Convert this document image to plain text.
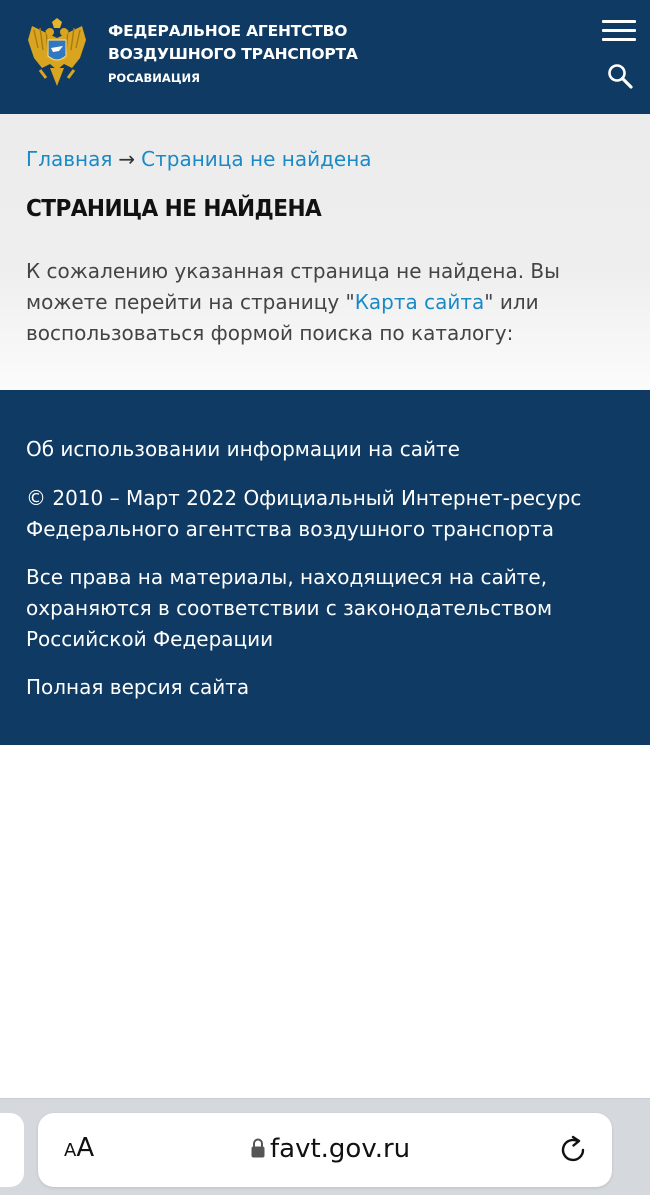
ФЕДЕРАЛЬНОЕ АГЕНТСТВО
ВОЗДУШНОГО ТРАНСПОРТА
РОСАВИАЦИЯ
Главная → Страница не найдена
СТРАНИЦА НЕ НАЙДЕНА

К сожалению указанная страница не найдена. Вы можете перейти на страницу "Карта сайта" или воспользоваться формой поиска по каталогу:

Об использовании информации на сайте

© 2010 – Март 2022 Официальный Интернет-ресурс Федерального агентства воздушного транспорта

Все права на материалы, находящиеся на сайте, охраняются в соответствии с законодательством Российской Федерации

Полная версия сайта

AA	favt.gov.ru
